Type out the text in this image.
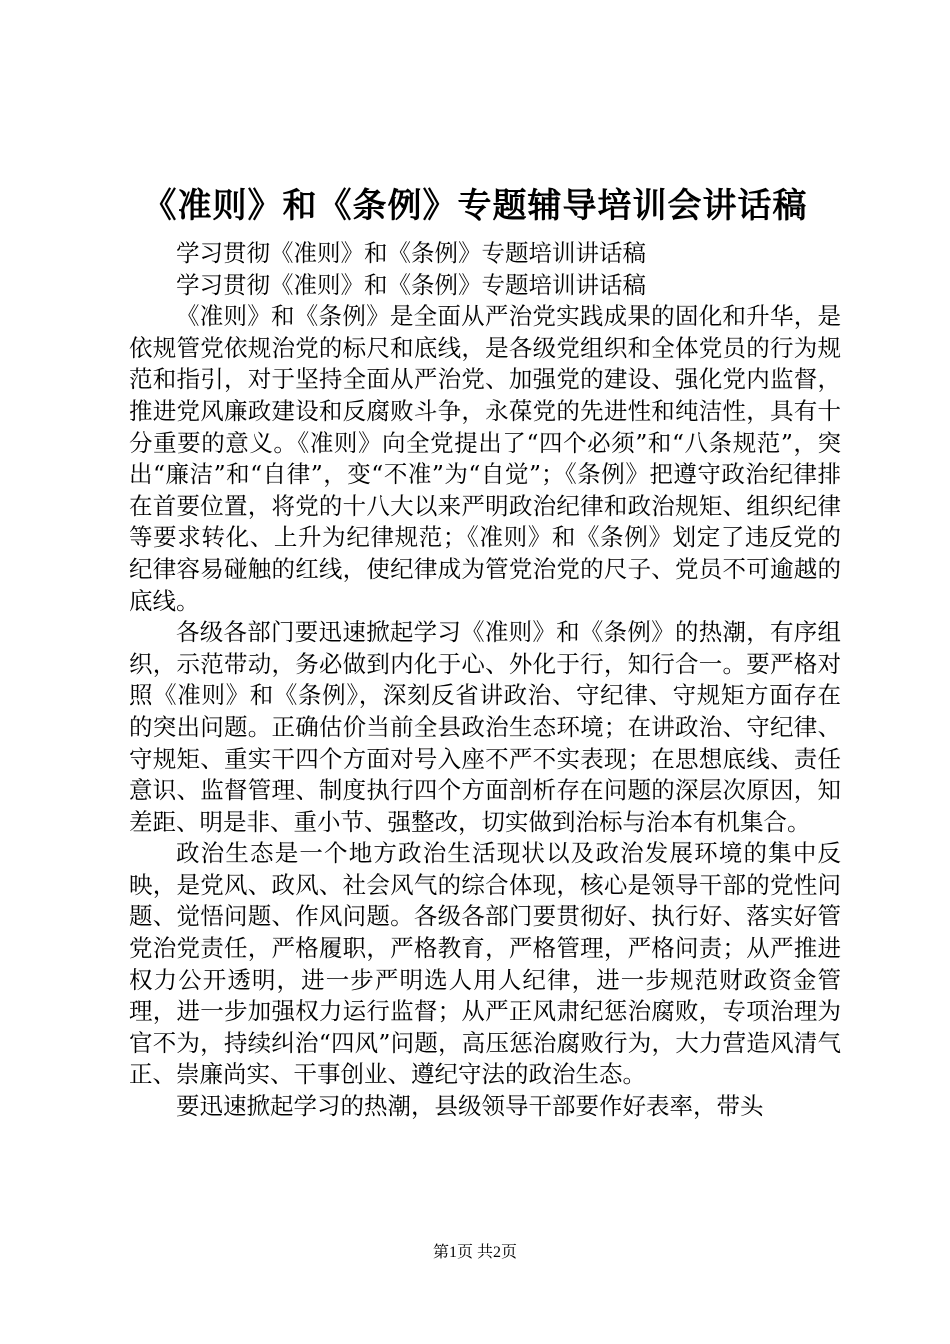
《准则》和《条例》专题辅导培训会讲话稿

学习贯彻《准则》和《条例》专题培训讲话稿

学习贯彻《准则》和《条例》专题培训讲话稿

《准则》和《条例》是全面从严治党实践成果的固化和升华，是依规管党依规治党的标尺和底线，是各级党组织和全体党员的行为规范和指引，对于坚持全面从严治党、加强党的建设、强化党内监督，推进党风廉政建设和反腐败斗争，永葆党的先进性和纯洁性，具有十分重要的意义。《准则》向全党提出了“四个必须”和“八条规范”，突出“廉洁”和“自律”，变“不准”为“自觉”；《条例》把遵守政治纪律排在首要位置，将党的十八大以来严明政治纪律和政治规矩、组织纪律等要求转化、上升为纪律规范；《准则》和《条例》划定了违反党的纪律容易碰触的红线，使纪律成为管党治党的尺子、党员不可逾越的底线。

各级各部门要迅速掀起学习《准则》和《条例》的热潮，有序组织，示范带动，务必做到内化于心、外化于行，知行合一。要严格对照《准则》和《条例》，深刻反省讲政治、守纪律、守规矩方面存在的突出问题。正确估价当前全县政治生态环境；在讲政治、守纪律、守规矩、重实干四个方面对号入座不严不实表现；在思想底线、责任意识、监督管理、制度执行四个方面剖析存在问题的深层次原因，知差距、明是非、重小节、强整改，切实做到治标与治本有机集合。

政治生态是一个地方政治生活现状以及政治发展环境的集中反映，是党风、政风、社会风气的综合体现，核心是领导干部的党性问题、觉悟问题、作风问题。各级各部门要贯彻好、执行好、落实好管党治党责任，严格履职，严格教育，严格管理，严格问责；从严推进权力公开透明，进一步严明选人用人纪律，进一步规范财政资金管理，进一步加强权力运行监督；从严正风肃纪惩治腐败，专项治理为官不为，持续纠治“四风”问题，高压惩治腐败行为，大力营造风清气正、崇廉尚实、干事创业、遵纪守法的政治生态。

要迅速掀起学习的热潮，县级领导干部要作好表率，带头

第1页 共2页
